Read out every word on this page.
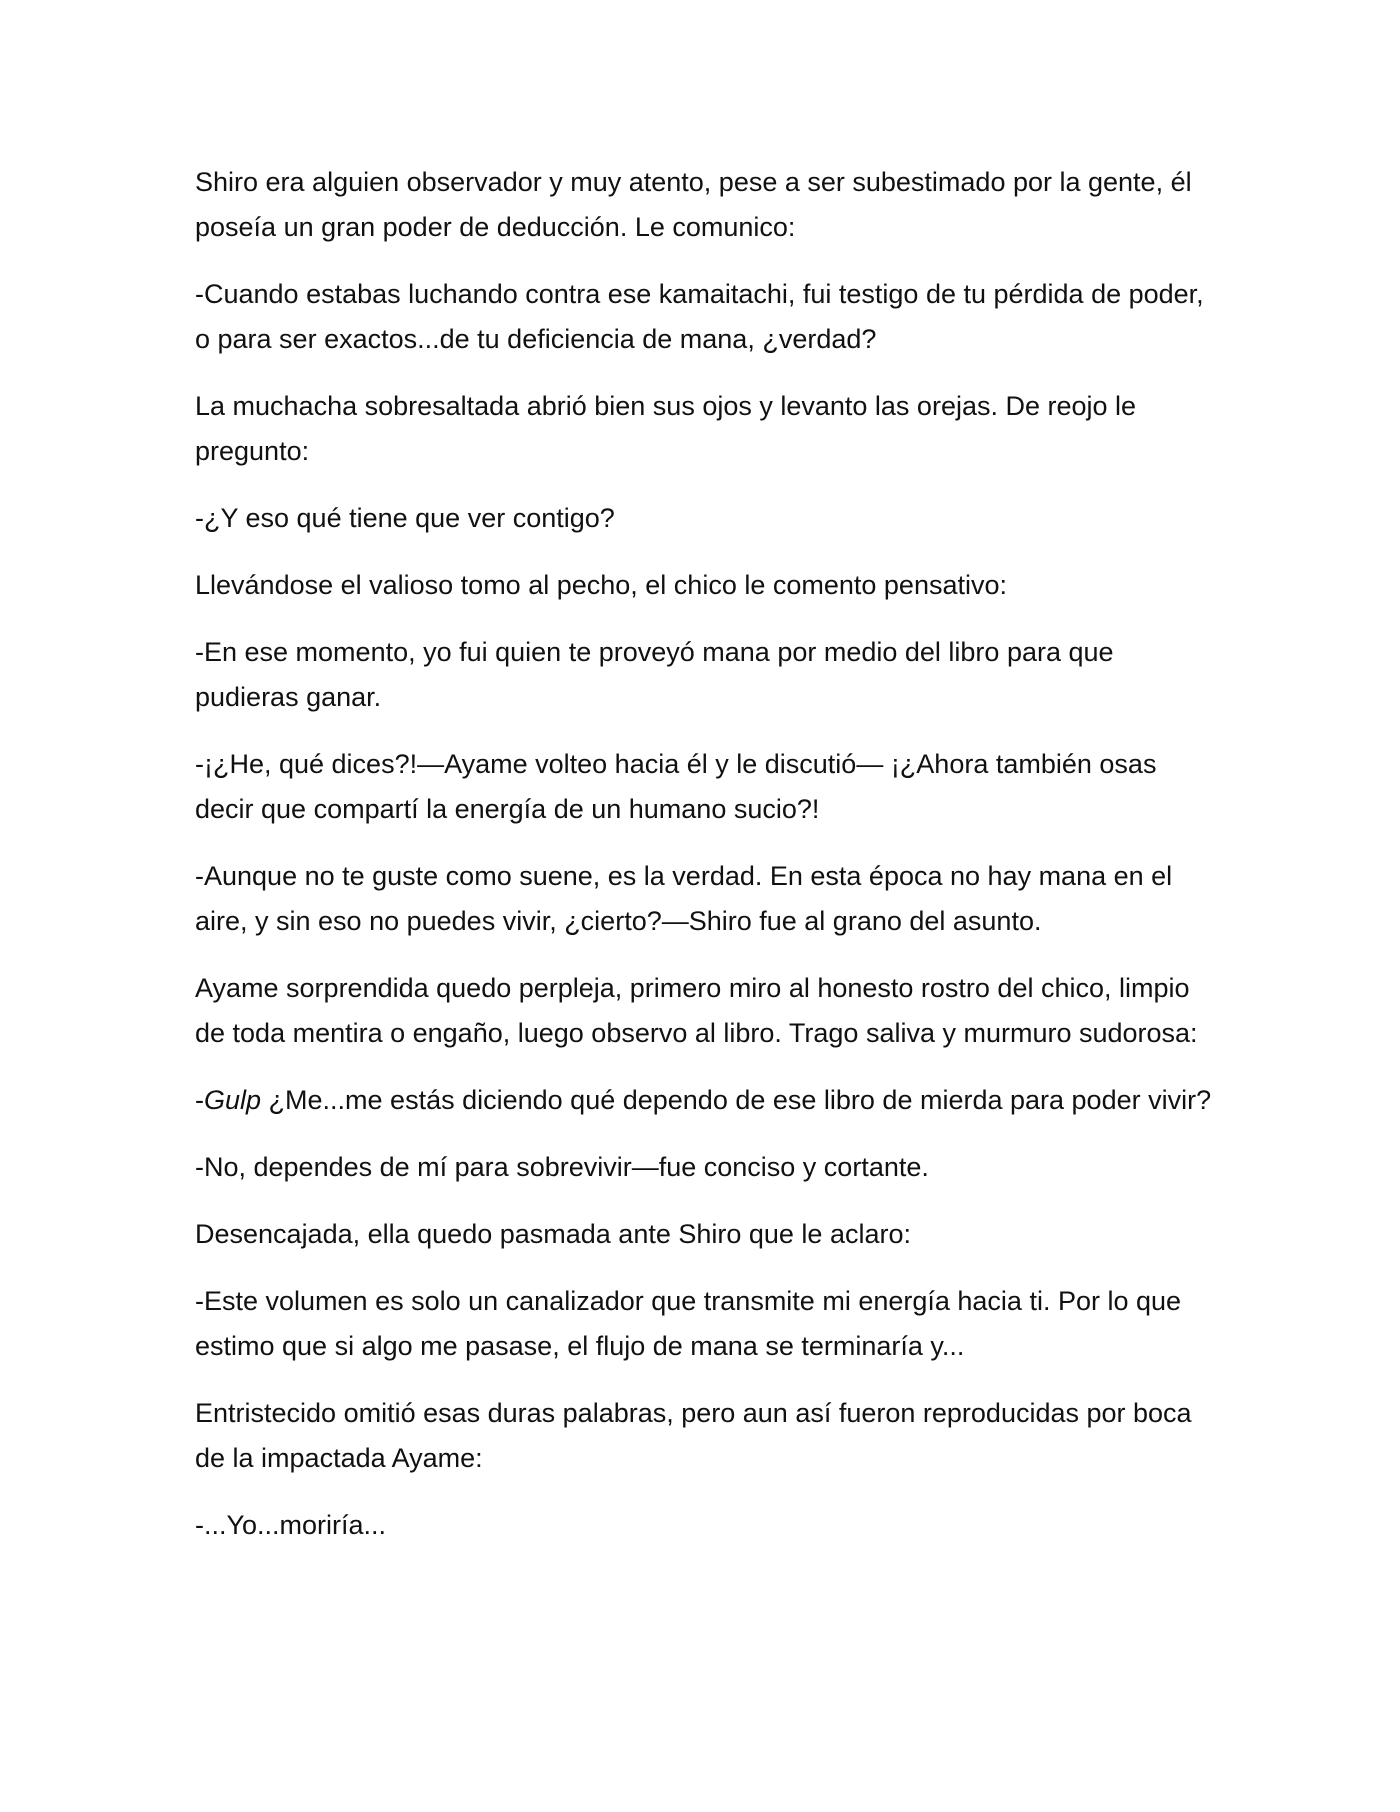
Shiro era alguien observador y muy atento, pese a ser subestimado por la gente, él poseía un gran poder de deducción. Le comunico:

-Cuando estabas luchando contra ese kamaitachi, fui testigo de tu pérdida de poder, o para ser exactos...de tu deficiencia de mana, ¿verdad?

La muchacha sobresaltada abrió bien sus ojos y levanto las orejas. De reojo le pregunto:

-¿Y eso qué tiene que ver contigo?

Llevándose el valioso tomo al pecho, el chico le comento pensativo:

-En ese momento, yo fui quien te proveyó mana por medio del libro para que pudieras ganar.

-¡¿He, qué dices?!—Ayame volteo hacia él y le discutió— ¡¿Ahora también osas decir que compartí la energía de un humano sucio?!

-Aunque no te guste como suene, es la verdad. En esta época no hay mana en el aire, y sin eso no puedes vivir, ¿cierto?—Shiro fue al grano del asunto.

Ayame sorprendida quedo perpleja, primero miro al honesto rostro del chico, limpio de toda mentira o engaño, luego observo al libro. Trago saliva y murmuro sudorosa:

-Gulp ¿Me...me estás diciendo qué dependo de ese libro de mierda para poder vivir?

-No, dependes de mí para sobrevivir—fue conciso y cortante.

Desencajada, ella quedo pasmada ante Shiro que le aclaro:

-Este volumen es solo un canalizador que transmite mi energía hacia ti. Por lo que estimo que si algo me pasase, el flujo de mana se terminaría y...

Entristecido omitió esas duras palabras, pero aun así fueron reproducidas por boca de la impactada Ayame:

-...Yo...moriría...
